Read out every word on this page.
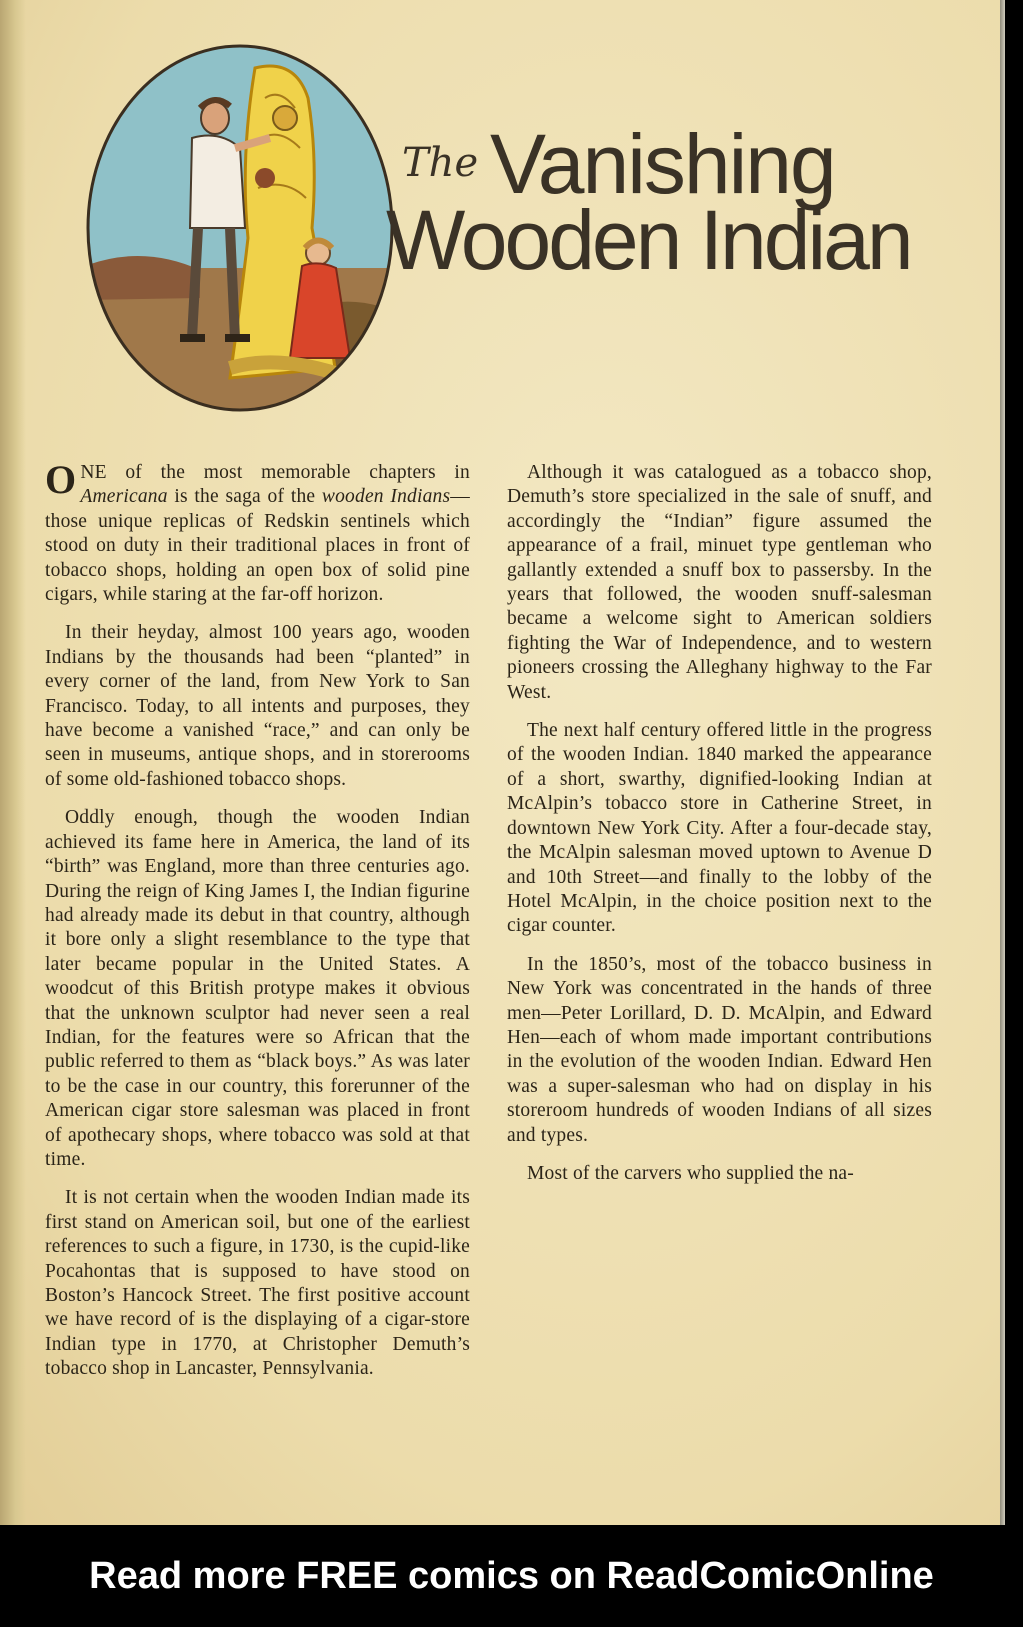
The Vanishing
Wooden Indian

ONE of the most memorable chapters in Americana is the saga of the wooden Indians—those unique replicas of Redskin sentinels which stood on duty in their traditional places in front of tobacco shops, holding an open box of solid pine cigars, while staring at the far-off horizon.

In their heyday, almost 100 years ago, wooden Indians by the thousands had been “planted” in every corner of the land, from New York to San Francisco. Today, to all intents and purposes, they have become a vanished “race,” and can only be seen in museums, antique shops, and in storerooms of some old-fashioned tobacco shops.

Oddly enough, though the wooden Indian achieved its fame here in America, the land of its “birth” was England, more than three centuries ago. During the reign of King James I, the Indian figurine had already made its debut in that country, although it bore only a slight resemblance to the type that later became popular in the United States. A woodcut of this British protype makes it obvious that the unknown sculptor had never seen a real Indian, for the features were so African that the public referred to them as “black boys.” As was later to be the case in our country, this forerunner of the American cigar store salesman was placed in front of apothecary shops, where tobacco was sold at that time.

It is not certain when the wooden Indian made its first stand on American soil, but one of the earliest references to such a figure, in 1730, is the cupid-like Pocahontas that is supposed to have stood on Boston’s Hancock Street. The first positive account we have record of is the displaying of a cigar-store Indian type in 1770, at Christopher Demuth’s tobacco shop in Lancaster, Pennsylvania.

Although it was catalogued as a tobacco shop, Demuth’s store specialized in the sale of snuff, and accordingly the “Indian” figure assumed the appearance of a frail, minuet type gentleman who gallantly extended a snuff box to passersby. In the years that followed, the wooden snuff-salesman became a welcome sight to American soldiers fighting the War of Independence, and to western pioneers crossing the Alleghany highway to the Far West.

The next half century offered little in the progress of the wooden Indian. 1840 marked the appearance of a short, swarthy, dignified-looking Indian at McAlpin’s tobacco store in Catherine Street, in downtown New York City. After a four-decade stay, the McAlpin salesman moved uptown to Avenue D and 10th Street—and finally to the lobby of the Hotel McAlpin, in the choice position next to the cigar counter.

In the 1850’s, most of the tobacco business in New York was concentrated in the hands of three men—Peter Lorillard, D. D. McAlpin, and Edward Hen—each of whom made important contributions in the evolution of the wooden Indian. Edward Hen was a super-salesman who had on display in his storeroom hundreds of wooden Indians of all sizes and types.

Most of the carvers who supplied the na-

Read more FREE comics on ReadComicOnline
